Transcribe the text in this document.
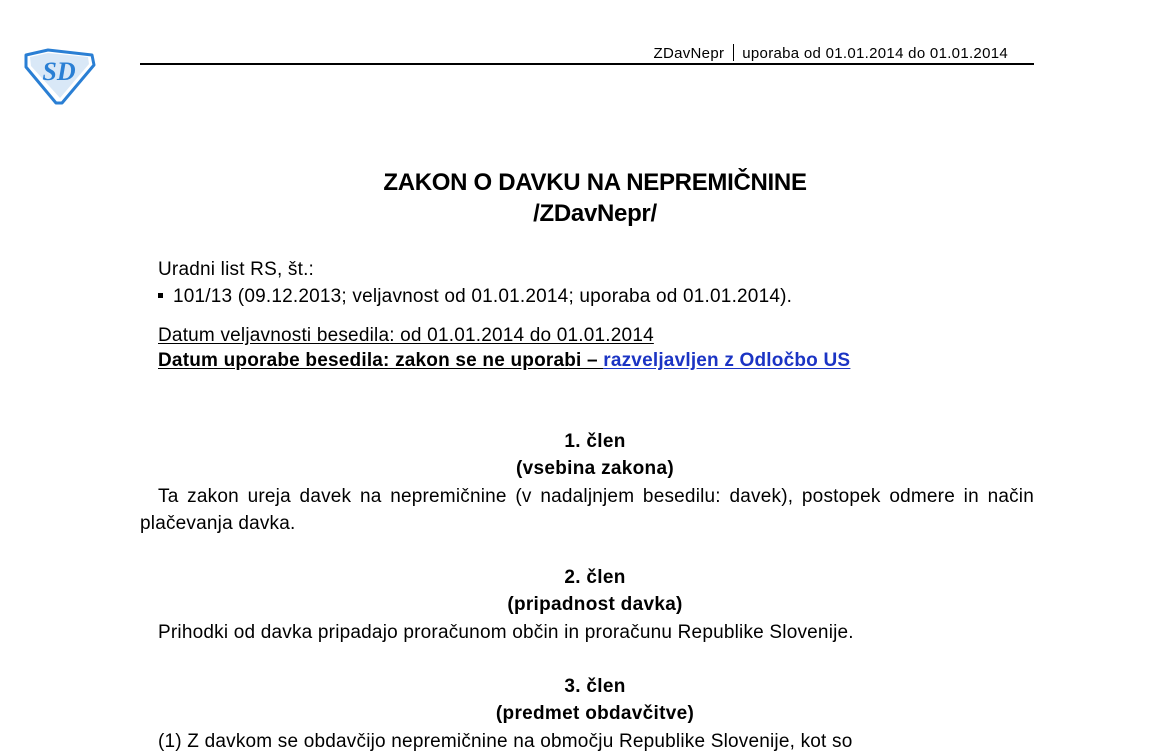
SD
ZDavNepr uporaba od 01.01.2014 do 01.01.2014
ZAKON O DAVKU NA NEPREMIČNINE
/ZDavNepr/
Uradni list RS, št.:
101/13 (09.12.2013; veljavnost od 01.01.2014; uporaba od 01.01.2014).
Datum veljavnosti besedila: od 01.01.2014 do 01.01.2014
Datum uporabe besedila: zakon se ne uporabi – razveljavljen z Odločbo US
1. člen
(vsebina zakona)
Ta zakon ureja davek na nepremičnine (v nadaljnjem besedilu: davek), postopek odmere in način plačevanja davka.
2. člen
(pripadnost davka)
Prihodki od davka pripadajo proračunom občin in proračunu Republike Slovenije.
3. člen
(predmet obdavčitve)
(1) Z davkom se obdavčijo nepremičnine na območju Republike Slovenije, kot so
